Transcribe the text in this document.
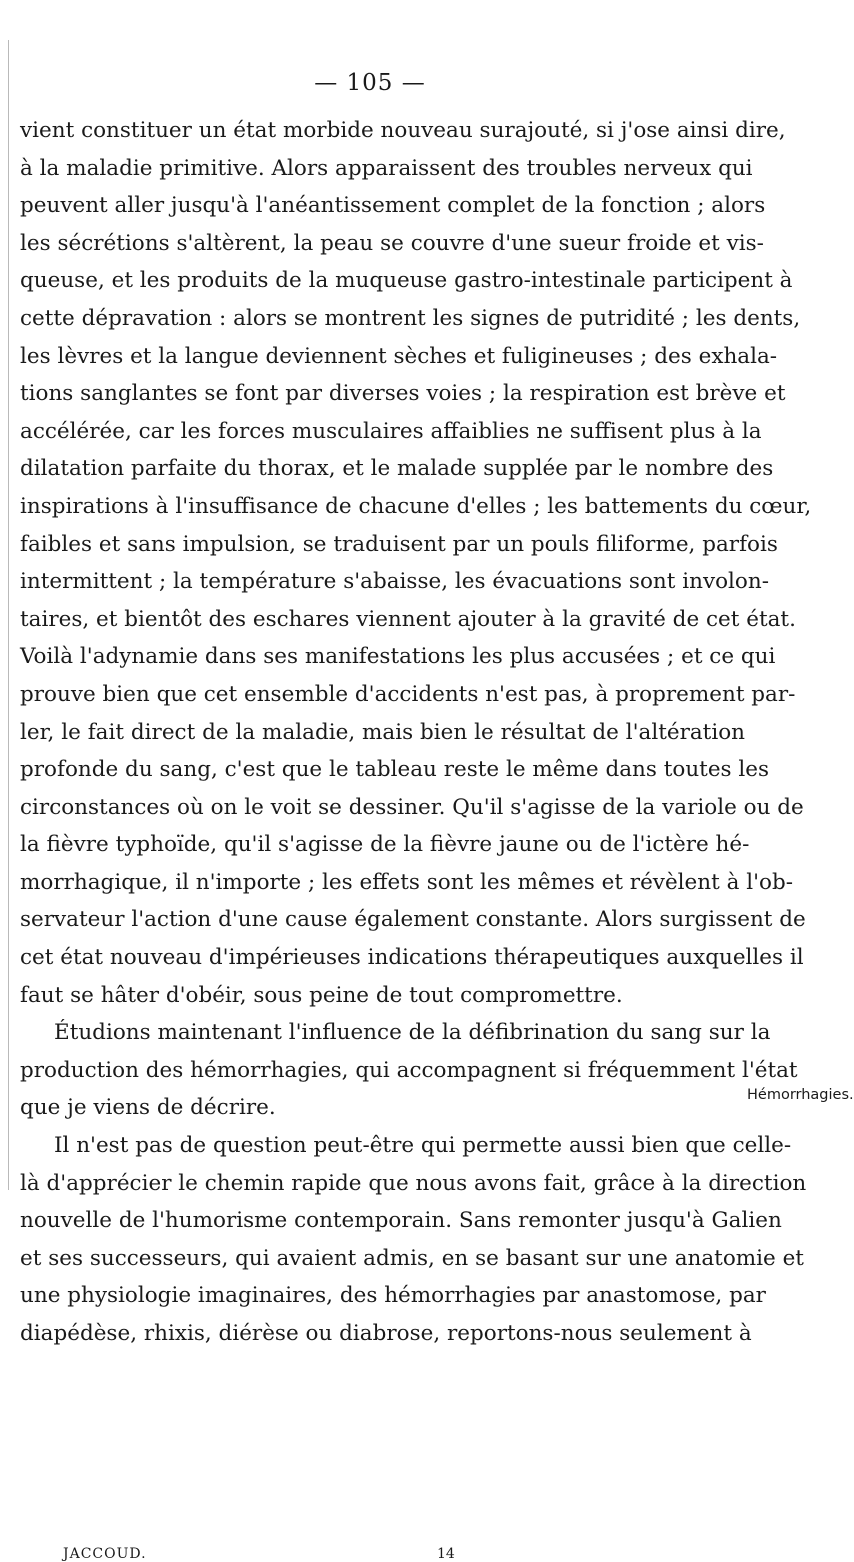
— 105 —
vient constituer un état morbide nouveau surajouté, si j'ose ainsi dire,
à la maladie primitive. Alors apparaissent des troubles nerveux qui
peuvent aller jusqu'à l'anéantissement complet de la fonction ; alors
les sécrétions s'altèrent, la peau se couvre d'une sueur froide et vis-
queuse, et les produits de la muqueuse gastro-intestinale participent à
cette dépravation : alors se montrent les signes de putridité ; les dents,
les lèvres et la langue deviennent sèches et fuligineuses ; des exhala-
tions sanglantes se font par diverses voies ; la respiration est brève et
accélérée, car les forces musculaires affaiblies ne suffisent plus à la
dilatation parfaite du thorax, et le malade supplée par le nombre des
inspirations à l'insuffisance de chacune d'elles ; les battements du cœur,
faibles et sans impulsion, se traduisent par un pouls filiforme, parfois
intermittent ; la température s'abaisse, les évacuations sont involon-
taires, et bientôt des eschares viennent ajouter à la gravité de cet état.
Voilà l'adynamie dans ses manifestations les plus accusées ; et ce qui
prouve bien que cet ensemble d'accidents n'est pas, à proprement par-
ler, le fait direct de la maladie, mais bien le résultat de l'altération
profonde du sang, c'est que le tableau reste le même dans toutes les
circonstances où on le voit se dessiner. Qu'il s'agisse de la variole ou de
la fièvre typhoïde, qu'il s'agisse de la fièvre jaune ou de l'ictère hé-
morrhagique, il n'importe ; les effets sont les mêmes et révèlent à l'ob-
servateur l'action d'une cause également constante. Alors surgissent de
cet état nouveau d'impérieuses indications thérapeutiques auxquelles il
faut se hâter d'obéir, sous peine de tout compromettre.
Étudions maintenant l'influence de la défibrination du sang sur la
production des hémorrhagies, qui accompagnent si fréquemment l'état
que je viens de décrire.
Il n'est pas de question peut-être qui permette aussi bien que celle-
là d'apprécier le chemin rapide que nous avons fait, grâce à la direction
nouvelle de l'humorisme contemporain. Sans remonter jusqu'à Galien
et ses successeurs, qui avaient admis, en se basant sur une anatomie et
une physiologie imaginaires, des hémorrhagies par anastomose, par
diapédèse, rhixis, diérèse ou diabrose, reportons-nous seulement à
Hémorrhagies.
JACCOUD.	14
